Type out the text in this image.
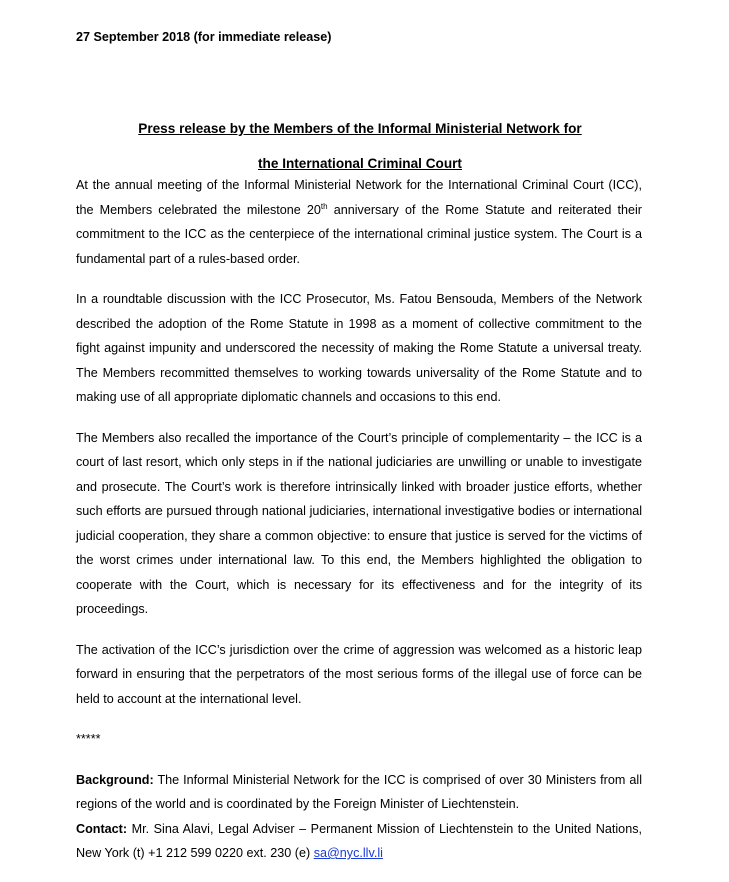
27 September 2018 (for immediate release)
Press release by the Members of the Informal Ministerial Network for
the International Criminal Court

At the annual meeting of the Informal Ministerial Network for the International Criminal Court (ICC), the Members celebrated the milestone 20th anniversary of the Rome Statute and reiterated their commitment to the ICC as the centerpiece of the international criminal justice system. The Court is a fundamental part of a rules-based order.

In a roundtable discussion with the ICC Prosecutor, Ms. Fatou Bensouda, Members of the Network described the adoption of the Rome Statute in 1998 as a moment of collective commitment to the fight against impunity and underscored the necessity of making the Rome Statute a universal treaty. The Members recommitted themselves to working towards universality of the Rome Statute and to making use of all appropriate diplomatic channels and occasions to this end.

The Members also recalled the importance of the Court’s principle of complementarity – the ICC is a court of last resort, which only steps in if the national judiciaries are unwilling or unable to investigate and prosecute. The Court’s work is therefore intrinsically linked with broader justice efforts, whether such efforts are pursued through national judiciaries, international investigative bodies or international judicial cooperation, they share a common objective: to ensure that justice is served for the victims of the worst crimes under international law. To this end, the Members highlighted the obligation to cooperate with the Court, which is necessary for its effectiveness and for the integrity of its proceedings.

The activation of the ICC’s jurisdiction over the crime of aggression was welcomed as a historic leap forward in ensuring that the perpetrators of the most serious forms of the illegal use of force can be held to account at the international level.

*****

Background: The Informal Ministerial Network for the ICC is comprised of over 30 Ministers from all regions of the world and is coordinated by the Foreign Minister of Liechtenstein.

Contact: Mr. Sina Alavi, Legal Adviser – Permanent Mission of Liechtenstein to the United Nations, New York (t) +1 212 599 0220 ext. 230 (e) sa@nyc.llv.li
